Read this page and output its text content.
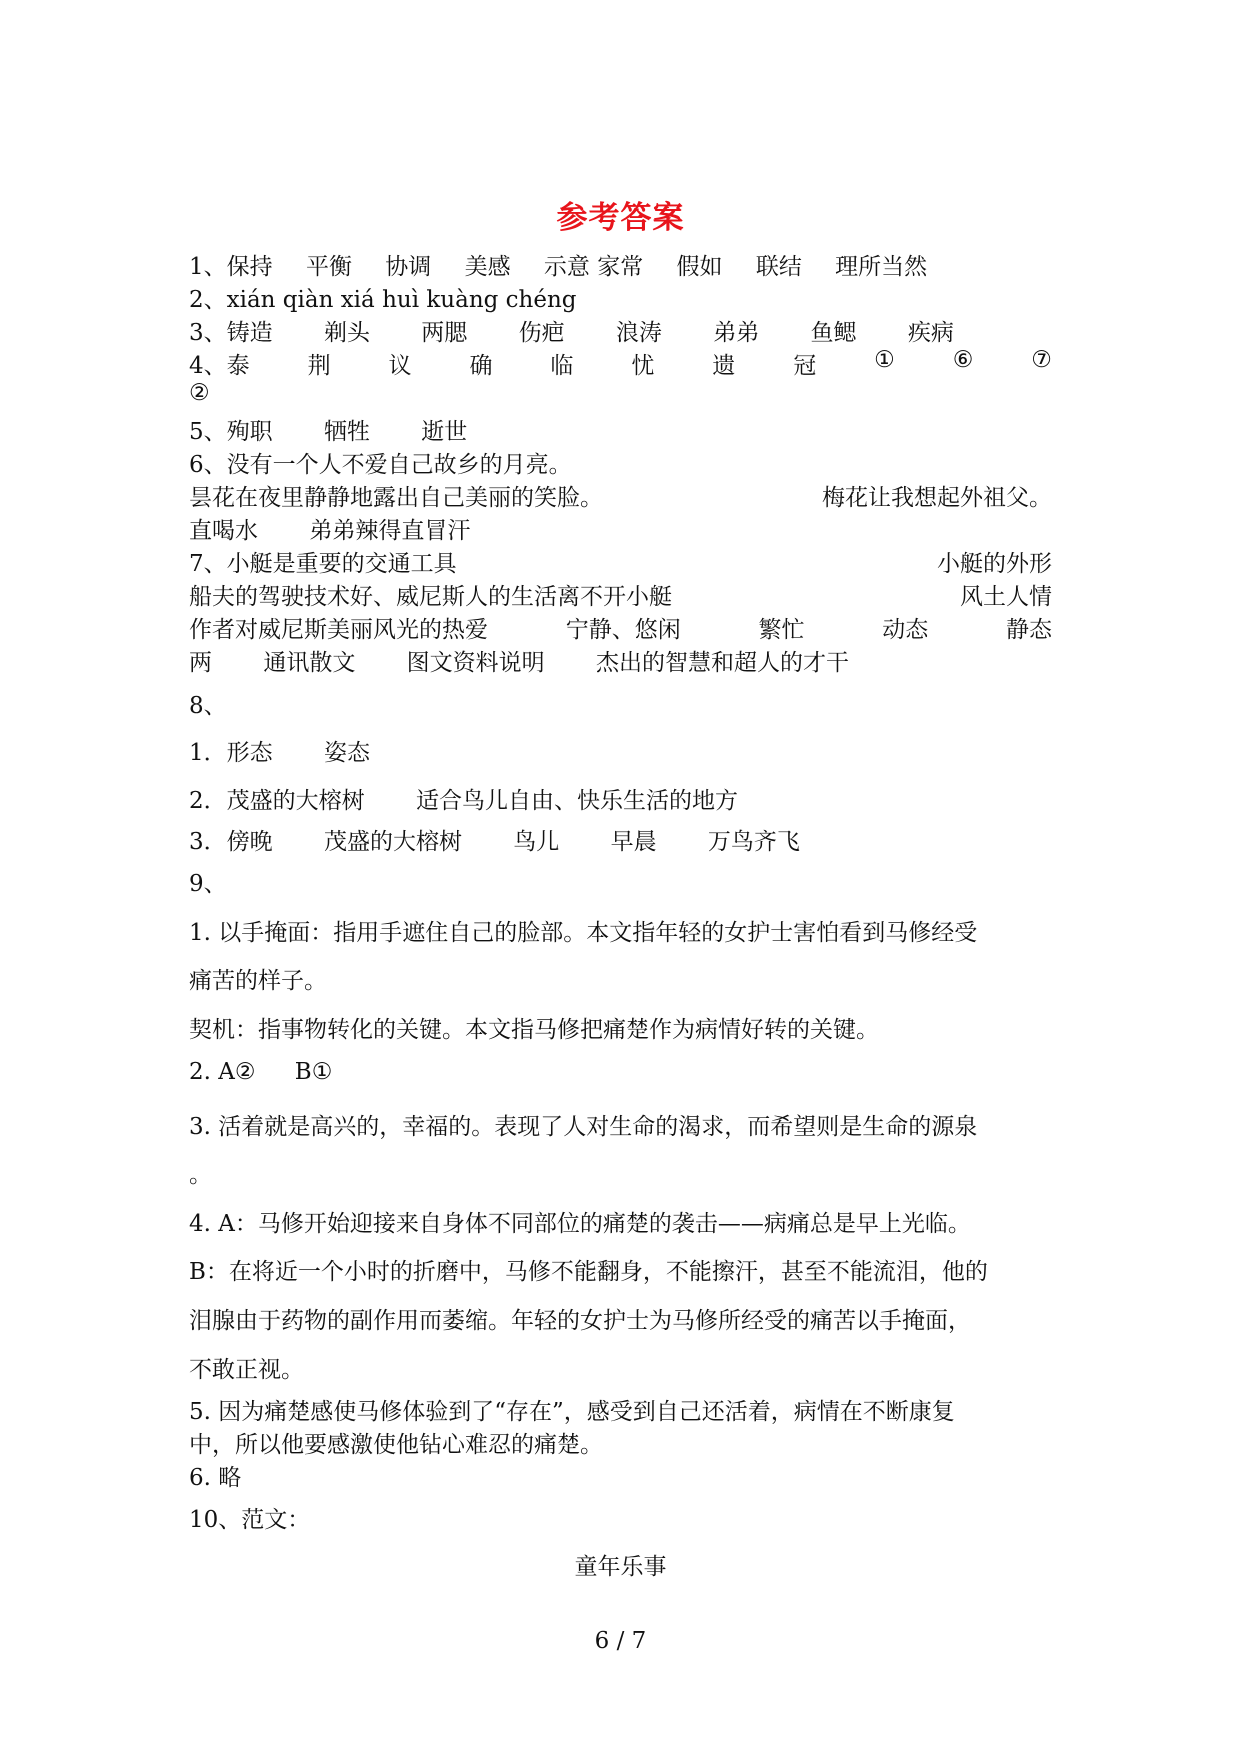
参考答案
1、保持 平衡 协调 美感 示意 家常 假如 联结 理所当然
2、xián qiàn xiá huì kuàng chéng
3、铸造 剃头 两腮 伤疤 浪涛 弟弟 鱼鳃 疾病
4、泰	荆	议	确	临	忧	遗	冠	①	⑥	⑦
②
5、殉职 牺牲 逝世
6、没有一个人不爱自己故乡的月亮。
昙花在夜里静静地露出自己美丽的笑脸。	梅花让我想起外祖父。
直喝水 弟弟辣得直冒汗
7、小艇是重要的交通工具	小艇的外形
船夫的驾驶技术好、威尼斯人的生活离不开小艇	风土人情
作者对威尼斯美丽风光的热爱	宁静、悠闲	繁忙	动态	静态
两 通讯散文 图文资料说明 杰出的智慧和超人的才干
8、
1．形态 姿态
2．茂盛的大榕树 适合鸟儿自由、快乐生活的地方
3．傍晚 茂盛的大榕树 鸟儿 早晨 万鸟齐飞
9、
1. 以手掩面：指用手遮住自己的脸部。本文指年轻的女护士害怕看到马修经受
痛苦的样子。
契机：指事物转化的关键。本文指马修把痛楚作为病情好转的关键。
2. A② B①
3. 活着就是高兴的，幸福的。表现了人对生命的渴求，而希望则是生命的源泉
。
4. A：马修开始迎接来自身体不同部位的痛楚的袭击——病痛总是早上光临。
B：在将近一个小时的折磨中，马修不能翻身，不能擦汗，甚至不能流泪，他的
泪腺由于药物的副作用而萎缩。年轻的女护士为马修所经受的痛苦以手掩面，
不敢正视。
5. 因为痛楚感使马修体验到了“存在”，感受到自己还活着，病情在不断康复
中，所以他要感激使他钻心难忍的痛楚。
6. 略
10、范文：
童年乐事
6 / 7
